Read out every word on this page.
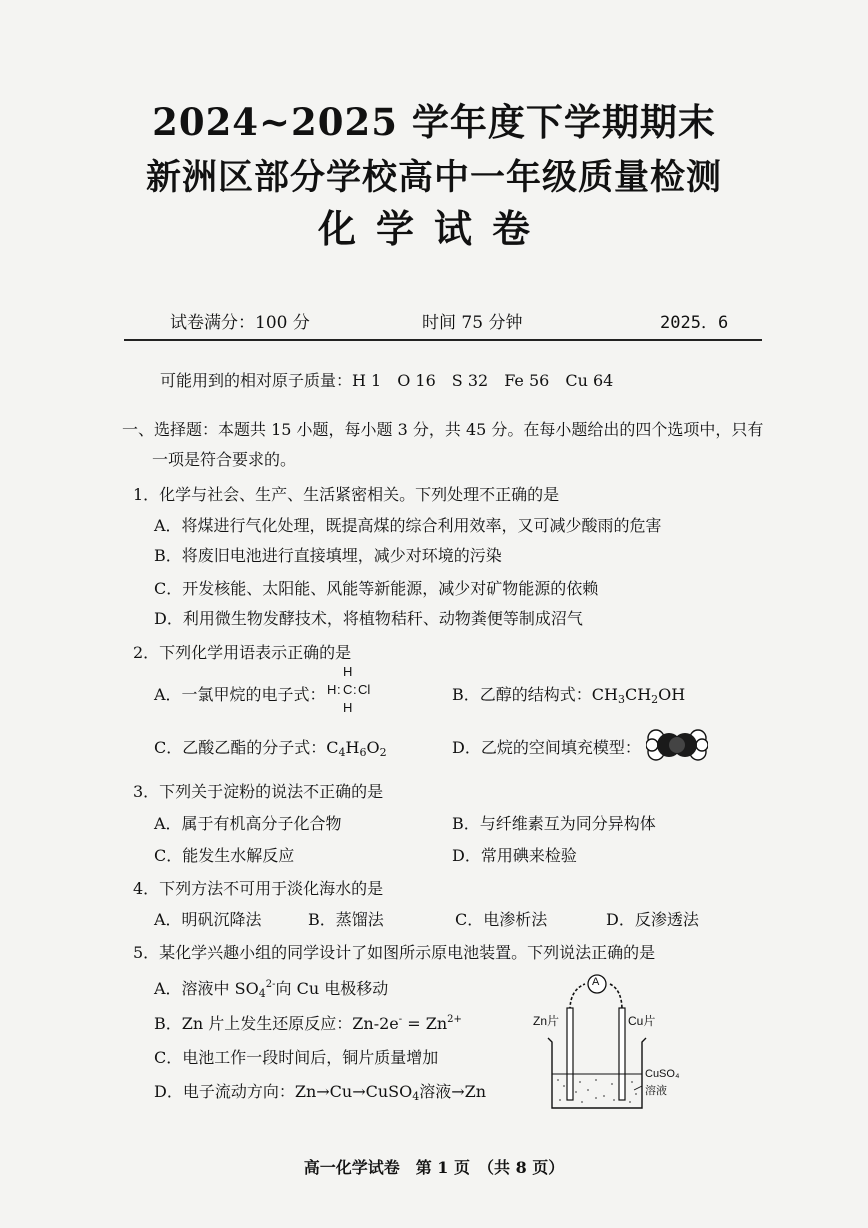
2024~2025 学年度下学期期末
新洲区部分学校高中一年级质量检测
化学试卷
试卷满分：100 分	时间 75 分钟	2025．6
可能用到的相对原子质量：H 1　O 16　S 32　Fe 56　Cu 64
一、选择题：本题共 15 小题，每小题 3 分，共 45 分。在每小题给出的四个选项中，只有
一项是符合要求的。
1．化学与社会、生产、生活紧密相关。下列处理不正确的是
A．将煤进行气化处理，既提高煤的综合利用效率，又可减少酸雨的危害
B．将废旧电池进行直接填埋，减少对环境的污染
C．开发核能、太阳能、风能等新能源，减少对矿物能源的依赖
D．利用微生物发酵技术，将植物秸秆、动物粪便等制成沼气
2．下列化学用语表示正确的是
A．一氯甲烷的电子式：
H
H : C : Cl
H
B．乙醇的结构式：$CH_3CH_2OH$
C．乙酸乙酯的分子式：$C_4H_6O_2$	D．乙烷的空间填充模型：
3．下列关于淀粉的说法不正确的是
A．属于有机高分子化合物	B．与纤维素互为同分异构体
C．能发生水解反应	D．常用碘来检验
4．下列方法不可用于淡化海水的是
A．明矾沉降法	B．蒸馏法	C．电渗析法	D．反渗透法
5．某化学兴趣小组的同学设计了如图所示原电池装置。下列说法正确的是
A．溶液中 $SO_4^{2-}$向 Cu 电极移动
B．Zn 片上发生还原反应：$Zn-2e^- = Zn^{2+}$
C．电池工作一段时间后，铜片质量增加
D．电子流动方向：Zn→Cu→CuSO$_4$溶液→Zn
A
Zn片	Cu片
CuSO₄
溶液
高一化学试卷　第 1 页　（共 8 页）
